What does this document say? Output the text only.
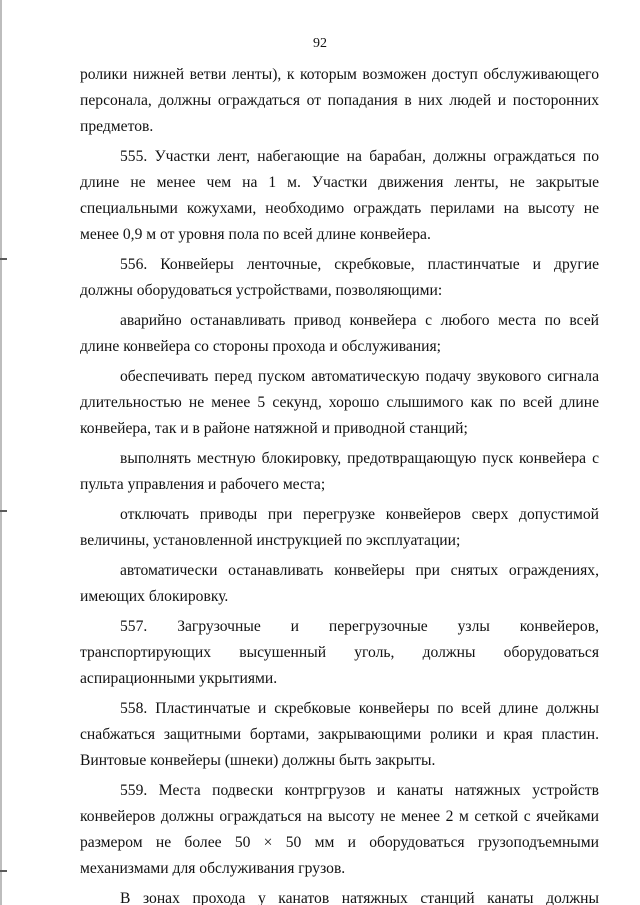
92

ролики нижней ветви ленты), к которым возможен доступ обслуживающего персонала, должны ограждаться от попадания в них людей и посторонних предметов.

555. Участки лент, набегающие на барабан, должны ограждаться по длине не менее чем на 1 м. Участки движения ленты, не закрытые специальными кожухами, необходимо ограждать перилами на высоту не менее 0,9 м от уровня пола по всей длине конвейера.

556. Конвейеры ленточные, скребковые, пластинчатые и другие должны оборудоваться устройствами, позволяющими:

аварийно останавливать привод конвейера с любого места по всей длине конвейера со стороны прохода и обслуживания;

обеспечивать перед пуском автоматическую подачу звукового сигнала длительностью не менее 5 секунд, хорошо слышимого как по всей длине конвейера, так и в районе натяжной и приводной станций;

выполнять местную блокировку, предотвращающую пуск конвейера с пульта управления и рабочего места;

отключать приводы при перегрузке конвейеров сверх допустимой величины, установленной инструкцией по эксплуатации;

автоматически останавливать конвейеры при снятых ограждениях, имеющих блокировку.

557. Загрузочные и перегрузочные узлы конвейеров, транспортирующих высушенный уголь, должны оборудоваться аспирационными укрытиями.

558. Пластинчатые и скребковые конвейеры по всей длине должны снабжаться защитными бортами, закрывающими ролики и края пластин. Винтовые конвейеры (шнеки) должны быть закрыты.

559. Места подвески контргрузов и канаты натяжных устройств конвейеров должны ограждаться на высоту не менее 2 м сеткой с ячейками размером не более 50 × 50 мм и оборудоваться грузоподъемными механизмами для обслуживания грузов.

В зонах прохода у канатов натяжных станций канаты должны
